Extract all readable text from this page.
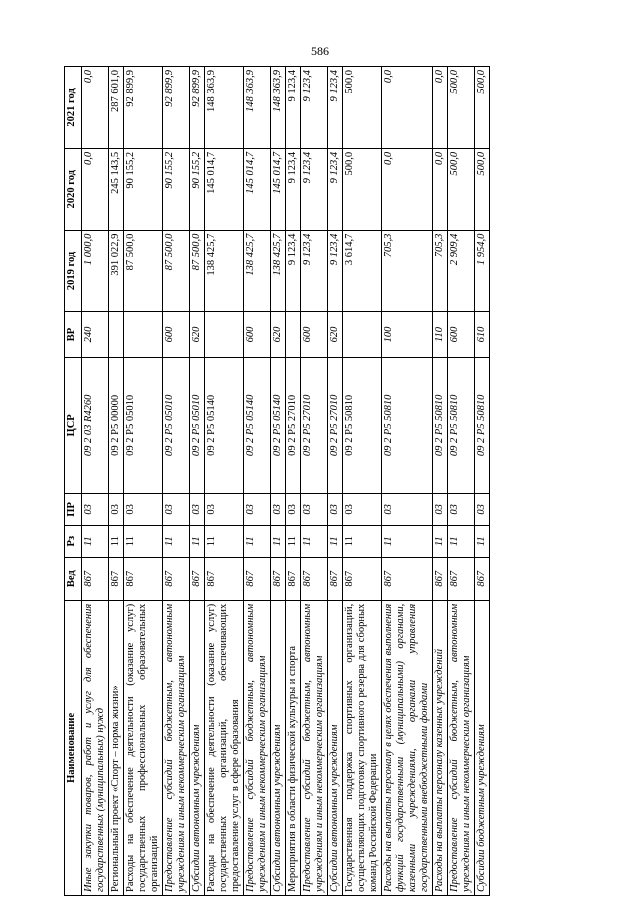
586
Наименование	Вед	Рз	ПР	ЦСР	ВР	2019 год	2020 год	2021 год
Иные закупки товаров, работ и услуг для обеспечения государственных (муниципальных) нужд	867	11	03	09 2 03 R4260	240	1 000,0	0,0	0,0
Региональный проект «Спорт – норма жизни»	867	11	03	09 2 P5 00000		391 022,9	245 143,5	287 601,0
Расходы на обеспечение деятельности (оказание услуг) государственных профессиональных образовательных организаций	867	11	03	09 2 P5 05010		87 500,0	90 155,2	92 899,9
Предоставление субсидий бюджетным, автономным учреждениям и иным некоммерческим организациям	867	11	03	09 2 P5 05010	600	87 500,0	90 155,2	92 899,9
Субсидии автономным учреждениям	867	11	03	09 2 P5 05010	620	87 500,0	90 155,2	92 899,9
Расходы на обеспечение деятельности (оказание услуг) государственных организаций, обеспечивающих предоставление услуг в сфере образования	867	11	03	09 2 P5 05140		138 425,7	145 014,7	148 363,9
Предоставление субсидий бюджетным, автономным учреждениям и иным некоммерческим организациям	867	11	03	09 2 P5 05140	600	138 425,7	145 014,7	148 363,9
Субсидии автономным учреждениям	867	11	03	09 2 P5 05140	620	138 425,7	145 014,7	148 363,9
Мероприятия в области физической культуры и спорта	867	11	03	09 2 P5 27010		9 123,4	9 123,4	9 123,4
Предоставление субсидий бюджетным, автономным учреждениям и иным некоммерческим организациям	867	11	03	09 2 P5 27010	600	9 123,4	9 123,4	9 123,4
Субсидии автономным учреждениям	867	11	03	09 2 P5 27010	620	9 123,4	9 123,4	9 123,4
Государственная поддержка спортивных организаций, осуществляющих подготовку спортивного резерва для сборных команд Российской Федерации	867	11	03	09 2 P5 50810		3 614,7	500,0	500,0
Расходы на выплаты персоналу в целях обеспечения выполнения функций государственными (муниципальными) органами, казенными учреждениями, органами управления государственными внебюджетными фондами	867	11	03	09 2 P5 50810	100	705,3	0,0	0,0
Расходы на выплаты персоналу казенных учреждений	867	11	03	09 2 P5 50810	110	705,3	0,0	0,0
Предоставление субсидий бюджетным, автономным учреждениям и иным некоммерческим организациям	867	11	03	09 2 P5 50810	600	2 909,4	500,0	500,0
Субсидии бюджетным учреждениям	867	11	03	09 2 P5 50810	610	1 954,0	500,0	500,0
